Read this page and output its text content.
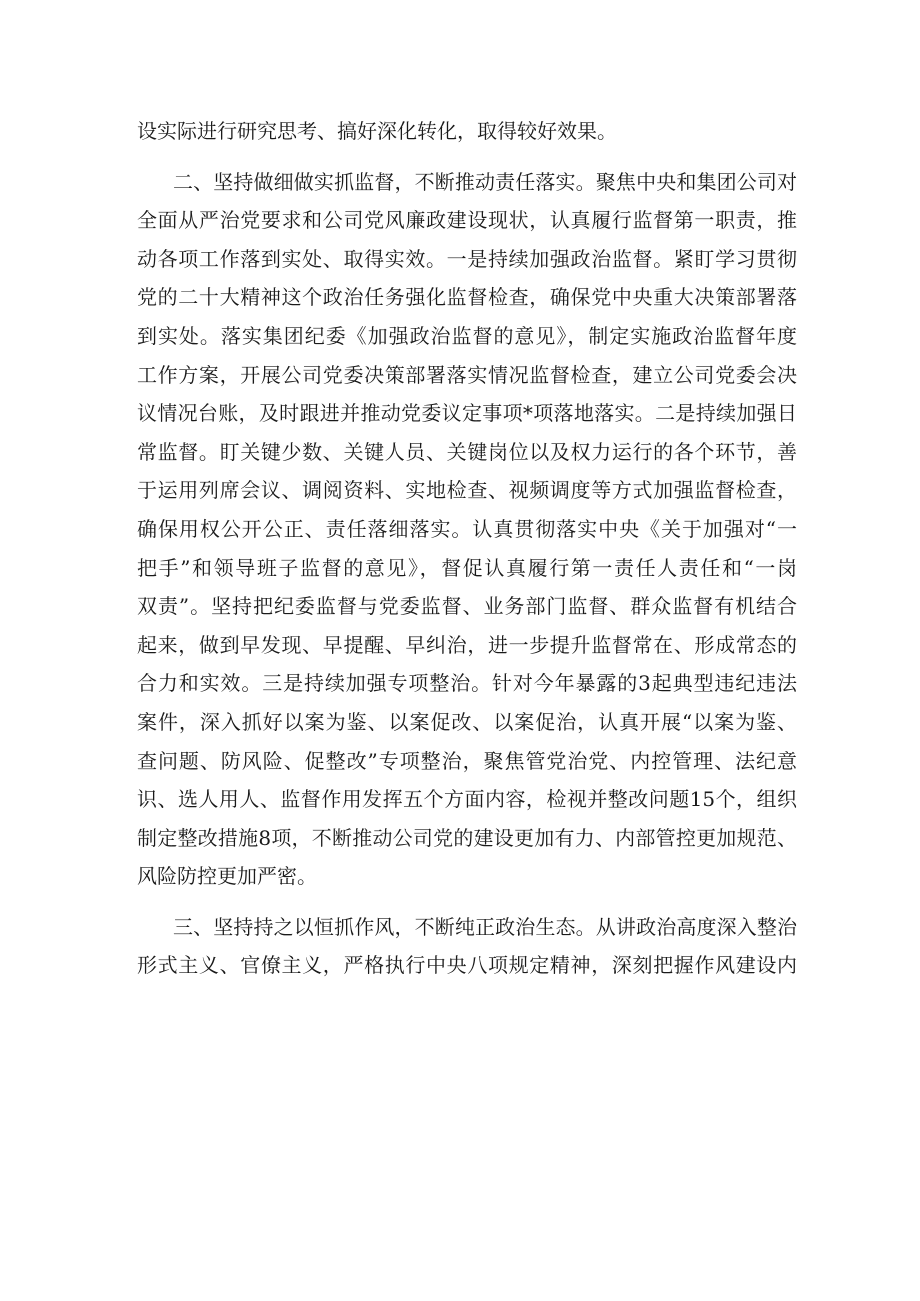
设实际进行研究思考、搞好深化转化，取得较好效果。
二、坚持做细做实抓监督，不断推动责任落实。聚焦中央和集团公司对
全面从严治党要求和公司党风廉政建设现状，认真履行监督第一职责，推
动各项工作落到实处、取得实效。一是持续加强政治监督。紧盯学习贯彻
党的二十大精神这个政治任务强化监督检查，确保党中央重大决策部署落
到实处。落实集团纪委《加强政治监督的意见》，制定实施政治监督年度
工作方案，开展公司党委决策部署落实情况监督检查，建立公司党委会决
议情况台账，及时跟进并推动党委议定事项*项落地落实。二是持续加强日
常监督。盯关键少数、关键人员、关键岗位以及权力运行的各个环节，善
于运用列席会议、调阅资料、实地检查、视频调度等方式加强监督检查，
确保用权公开公正、责任落细落实。认真贯彻落实中央《关于加强对“一
把手”和领导班子监督的意见》，督促认真履行第一责任人责任和“一岗
双责”。坚持把纪委监督与党委监督、业务部门监督、群众监督有机结合
起来，做到早发现、早提醒、早纠治，进一步提升监督常在、形成常态的
合力和实效。三是持续加强专项整治。针对今年暴露的3起典型违纪违法
案件，深入抓好以案为鉴、以案促改、以案促治，认真开展“以案为鉴、
查问题、防风险、促整改”专项整治，聚焦管党治党、内控管理、法纪意
识、选人用人、监督作用发挥五个方面内容，检视并整改问题15个，组织
制定整改措施8项，不断推动公司党的建设更加有力、内部管控更加规范、
风险防控更加严密。
三、坚持持之以恒抓作风，不断纯正政治生态。从讲政治高度深入整治
形式主义、官僚主义，严格执行中央八项规定精神，深刻把握作风建设内
